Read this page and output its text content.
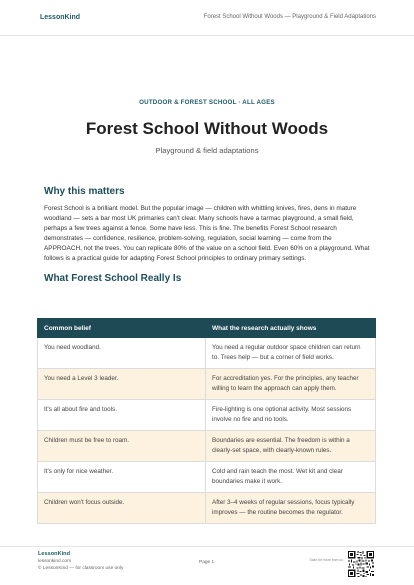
LessonKind	Forest School Without Woods — Playground & Field Adaptations
OUTDOOR & FOREST SCHOOL · ALL AGES
Forest School Without Woods
Playground & field adaptations
Why this matters

Forest School is a brilliant model. But the popular image — children with whittling knives, fires, dens in mature woodland — sets a bar most UK primaries can't clear. Many schools have a tarmac playground, a small field, perhaps a few trees against a fence. Some have less. This is fine. The benefits Forest School research demonstrates — confidence, resilience, problem-solving, regulation, social learning — come from the APPROACH, not the trees. You can replicate 80% of the value on a school field. Even 60% on a playground. What follows is a practical guide for adapting Forest School principles to ordinary primary settings.

What Forest School Really Is
Common belief	What the research actually shows
You need woodland.	You need a regular outdoor space children can return to. Trees help — but a corner of field works.
You need a Level 3 leader.	For accreditation yes. For the principles, any teacher willing to learn the approach can apply them.
It's all about fire and tools.	Fire-lighting is one optional activity. Most sessions involve no fire and no tools.
Children must be free to roam.	Boundaries are essential. The freedom is within a clearly-set space, with clearly-known rules.
It's only for nice weather.	Cold and rain teach the most. Wet kit and clear boundaries make it work.
Children won't focus outside.	After 3–4 weeks of regular sessions, focus typically improves — the routine becomes the regulator.
LessonKind
lessonkind.com
© LessonKind — for classroom use only
Page 1	Scan for more from us
